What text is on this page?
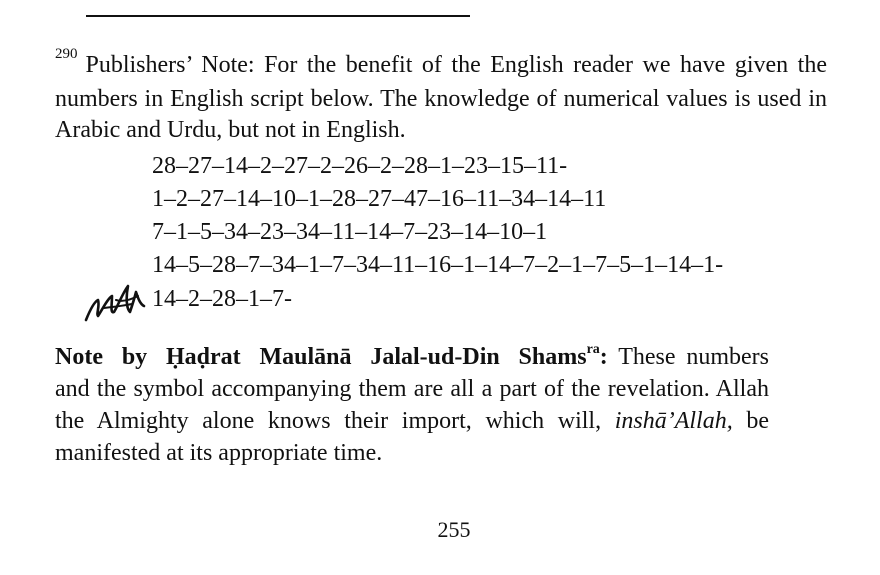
$^{290}$ Publishers’ Note: For the benefit of the English reader we have given the numbers in English script below. The knowledge of numerical values is used in Arabic and Urdu, but not in English.

28–27–14–2–27–2–26–2–28–1–23–15–11-
1–2–27–14–10–1–28–27–47–16–11–34–14–11
7–1–5–34–23–34–11–14–7–23–14–10–1
14–5–28–7–34–1–7–34–11–16–1–14–7–2–1–7–5–1–14–1-
14–2–28–1–7-

Note by Ḥaḍrat Maulānā Jalal-ud-Din Shams$^{ra}$: These numbers and the symbol accompanying them are all a part of the revelation. Allah the Almighty alone knows their import, which will, inshā’Allah, be manifested at its appropriate time.

255
